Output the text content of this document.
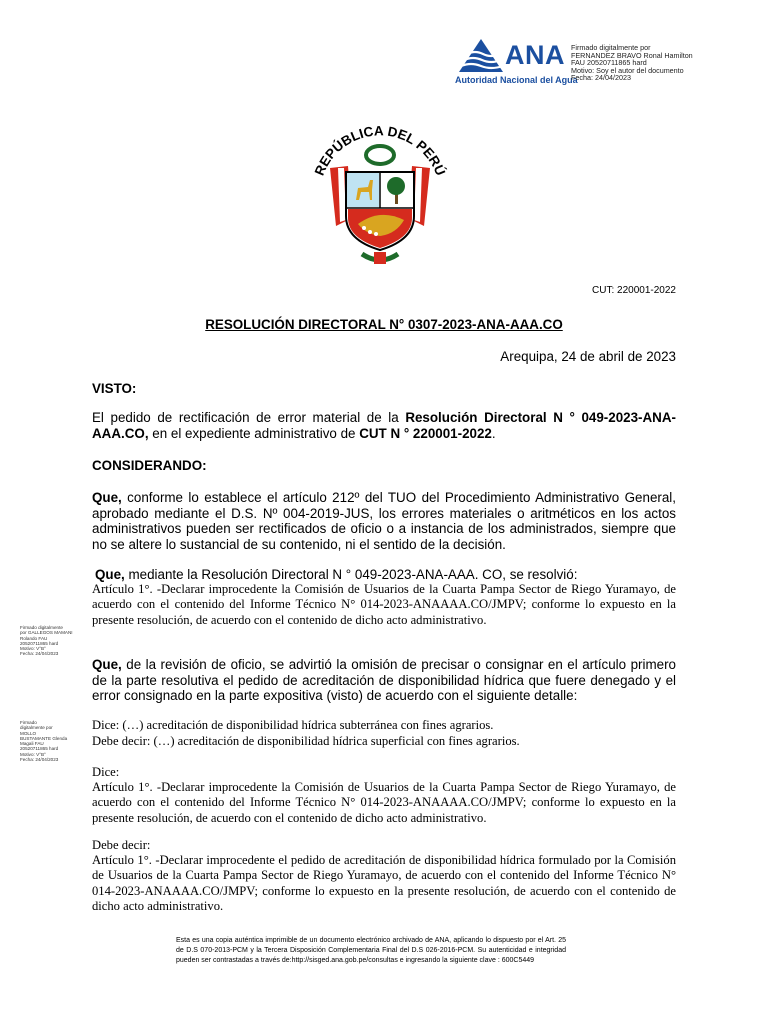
ANA
Autoridad Nacional del Agua
Firmado digitalmente por
FERNANDEZ BRAVO Ronal Hamilton
FAU 20520711865 hard
Motivo: Soy el autor del documento
Fecha: 24/04/2023
REPÚBLICA DEL PERÚ
CUT: 220001-2022
RESOLUCIÓN DIRECTORAL N° 0307-2023-ANA-AAA.CO
Arequipa, 24 de abril de 2023
VISTO:
El pedido de rectificación de error material de la Resolución Directoral N ° 049-2023-ANA-AAA.CO, en el expediente administrativo de CUT N ° 220001-2022.
CONSIDERANDO:
Que, conforme lo establece el artículo 212º del TUO del Procedimiento Administrativo General, aprobado mediante el D.S. Nº 004-2019-JUS, los errores materiales o aritméticos en los actos administrativos pueden ser rectificados de oficio o a instancia de los administrados, siempre que no se altere lo sustancial de su contenido, ni el sentido de la decisión.
Que, mediante la Resolución Directoral N ° 049-2023-ANA-AAA. CO, se resolvió:
Artículo 1°. -Declarar improcedente la Comisión de Usuarios de la Cuarta Pampa Sector de Riego Yuramayo, de acuerdo con el contenido del Informe Técnico N° 014-2023-ANAAAA.CO/JMPV; conforme lo expuesto en la presente resolución, de acuerdo con el contenido de dicho acto administrativo.
Firmado digitalmente
por GALLEGOS MAMANI
Rolando FAU
20520711865 hard
Motivo: V°B°
Fecha: 24/04/2023
Que, de la revisión de oficio, se advirtió la omisión de precisar o consignar en el artículo primero de la parte resolutiva el pedido de acreditación de disponibilidad hídrica que fuere denegado y el error consignado en la parte expositiva (visto) de acuerdo con el siguiente detalle:
Dice: (…) acreditación de disponibilidad hídrica subterránea con fines agrarios.
Debe decir: (…) acreditación de disponibilidad hídrica superficial con fines agrarios.
Firmado
digitalmente por
MOLLO
BUSTAMANTE Glenda
Magali FAU
20520711865 hard
Motivo: V°B°
Fecha: 24/04/2023
Dice:
Artículo 1°. -Declarar improcedente la Comisión de Usuarios de la Cuarta Pampa Sector de Riego Yuramayo, de acuerdo con el contenido del Informe Técnico N° 014-2023-ANAAAA.CO/JMPV; conforme lo expuesto en la presente resolución, de acuerdo con el contenido de dicho acto administrativo.
Debe decir:
Artículo 1°. -Declarar improcedente el pedido de acreditación de disponibilidad hídrica formulado por la Comisión de Usuarios de la Cuarta Pampa Sector de Riego Yuramayo, de acuerdo con el contenido del Informe Técnico N° 014-2023-ANAAAA.CO/JMPV; conforme lo expuesto en la presente resolución, de acuerdo con el contenido de dicho acto administrativo.
Esta es una copia auténtica imprimible de un documento electrónico archivado de ANA, aplicando lo dispuesto por el Art. 25 de D.S 070-2013-PCM y la Tercera Disposición Complementaria Final del D.S 026-2016-PCM. Su autenticidad e integridad pueden ser contrastadas a través de:http://sisged.ana.gob.pe/consultas e ingresando la siguiente clave : 600C5449
